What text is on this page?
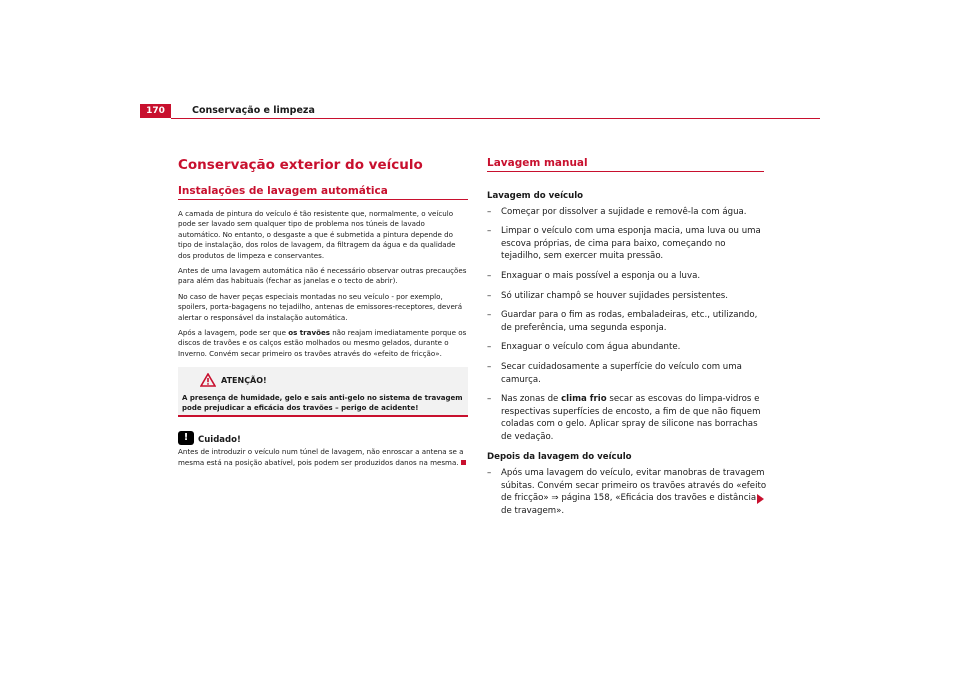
170	Conservação e limpeza
Conservação exterior do veículo
Instalações de lavagem automática

A camada de pintura do veículo é tão resistente que, normalmente, o veículo pode ser lavado sem qualquer tipo de problema nos túneis de lavado automático. No entanto, o desgaste a que é submetida a pintura depende do tipo de instalação, dos rolos de lavagem, da filtragem da água e da qualidade dos produtos de limpeza e conservantes.

Antes de uma lavagem automática não é necessário observar outras precauções para além das habituais (fechar as janelas e o tecto de abrir).

No caso de haver peças especiais montadas no seu veículo - por exemplo, spoilers, porta-bagagens no tejadilho, antenas de emissores-receptores, deverá alertar o responsável da instalação automática.

Após a lavagem, pode ser que os travões não reajam imediatamente porque os discos de travões e os calços estão molhados ou mesmo gelados, durante o Inverno. Convém secar primeiro os travões através do «efeito de fricção».

ATENÇÃO!
A presença de humidade, gelo e sais anti-gelo no sistema de travagem pode prejudicar a eficácia dos travões – perigo de acidente!
!	Cuidado!
Antes de introduzir o veículo num túnel de lavagem, não enroscar a antena se a mesma está na posição abatível, pois podem ser produzidos danos na mesma.
Lavagem manual
Lavagem do veículo
–	Começar por dissolver a sujidade e removê-la com água.
–	Limpar o veículo com uma esponja macia, uma luva ou uma escova próprias, de cima para baixo, começando no tejadilho, sem exercer muita pressão.
–	Enxaguar o mais possível a esponja ou a luva.
–	Só utilizar champô se houver sujidades persistentes.
–	Guardar para o fim as rodas, embaladeiras, etc., utilizando, de preferência, uma segunda esponja.
–	Enxaguar o veículo com água abundante.
–	Secar cuidadosamente a superfície do veículo com uma camurça.
–	Nas zonas de clima frio secar as escovas do limpa-vidros e respectivas superfícies de encosto, a fim de que não fiquem coladas com o gelo. Aplicar spray de silicone nas borrachas de vedação.
Depois da lavagem do veículo
–	Após uma lavagem do veículo, evitar manobras de travagem súbitas. Convém secar primeiro os travões através do «efeito de fricção» ⇒ página 158, «Eficácia dos travões e distância de travagem».
